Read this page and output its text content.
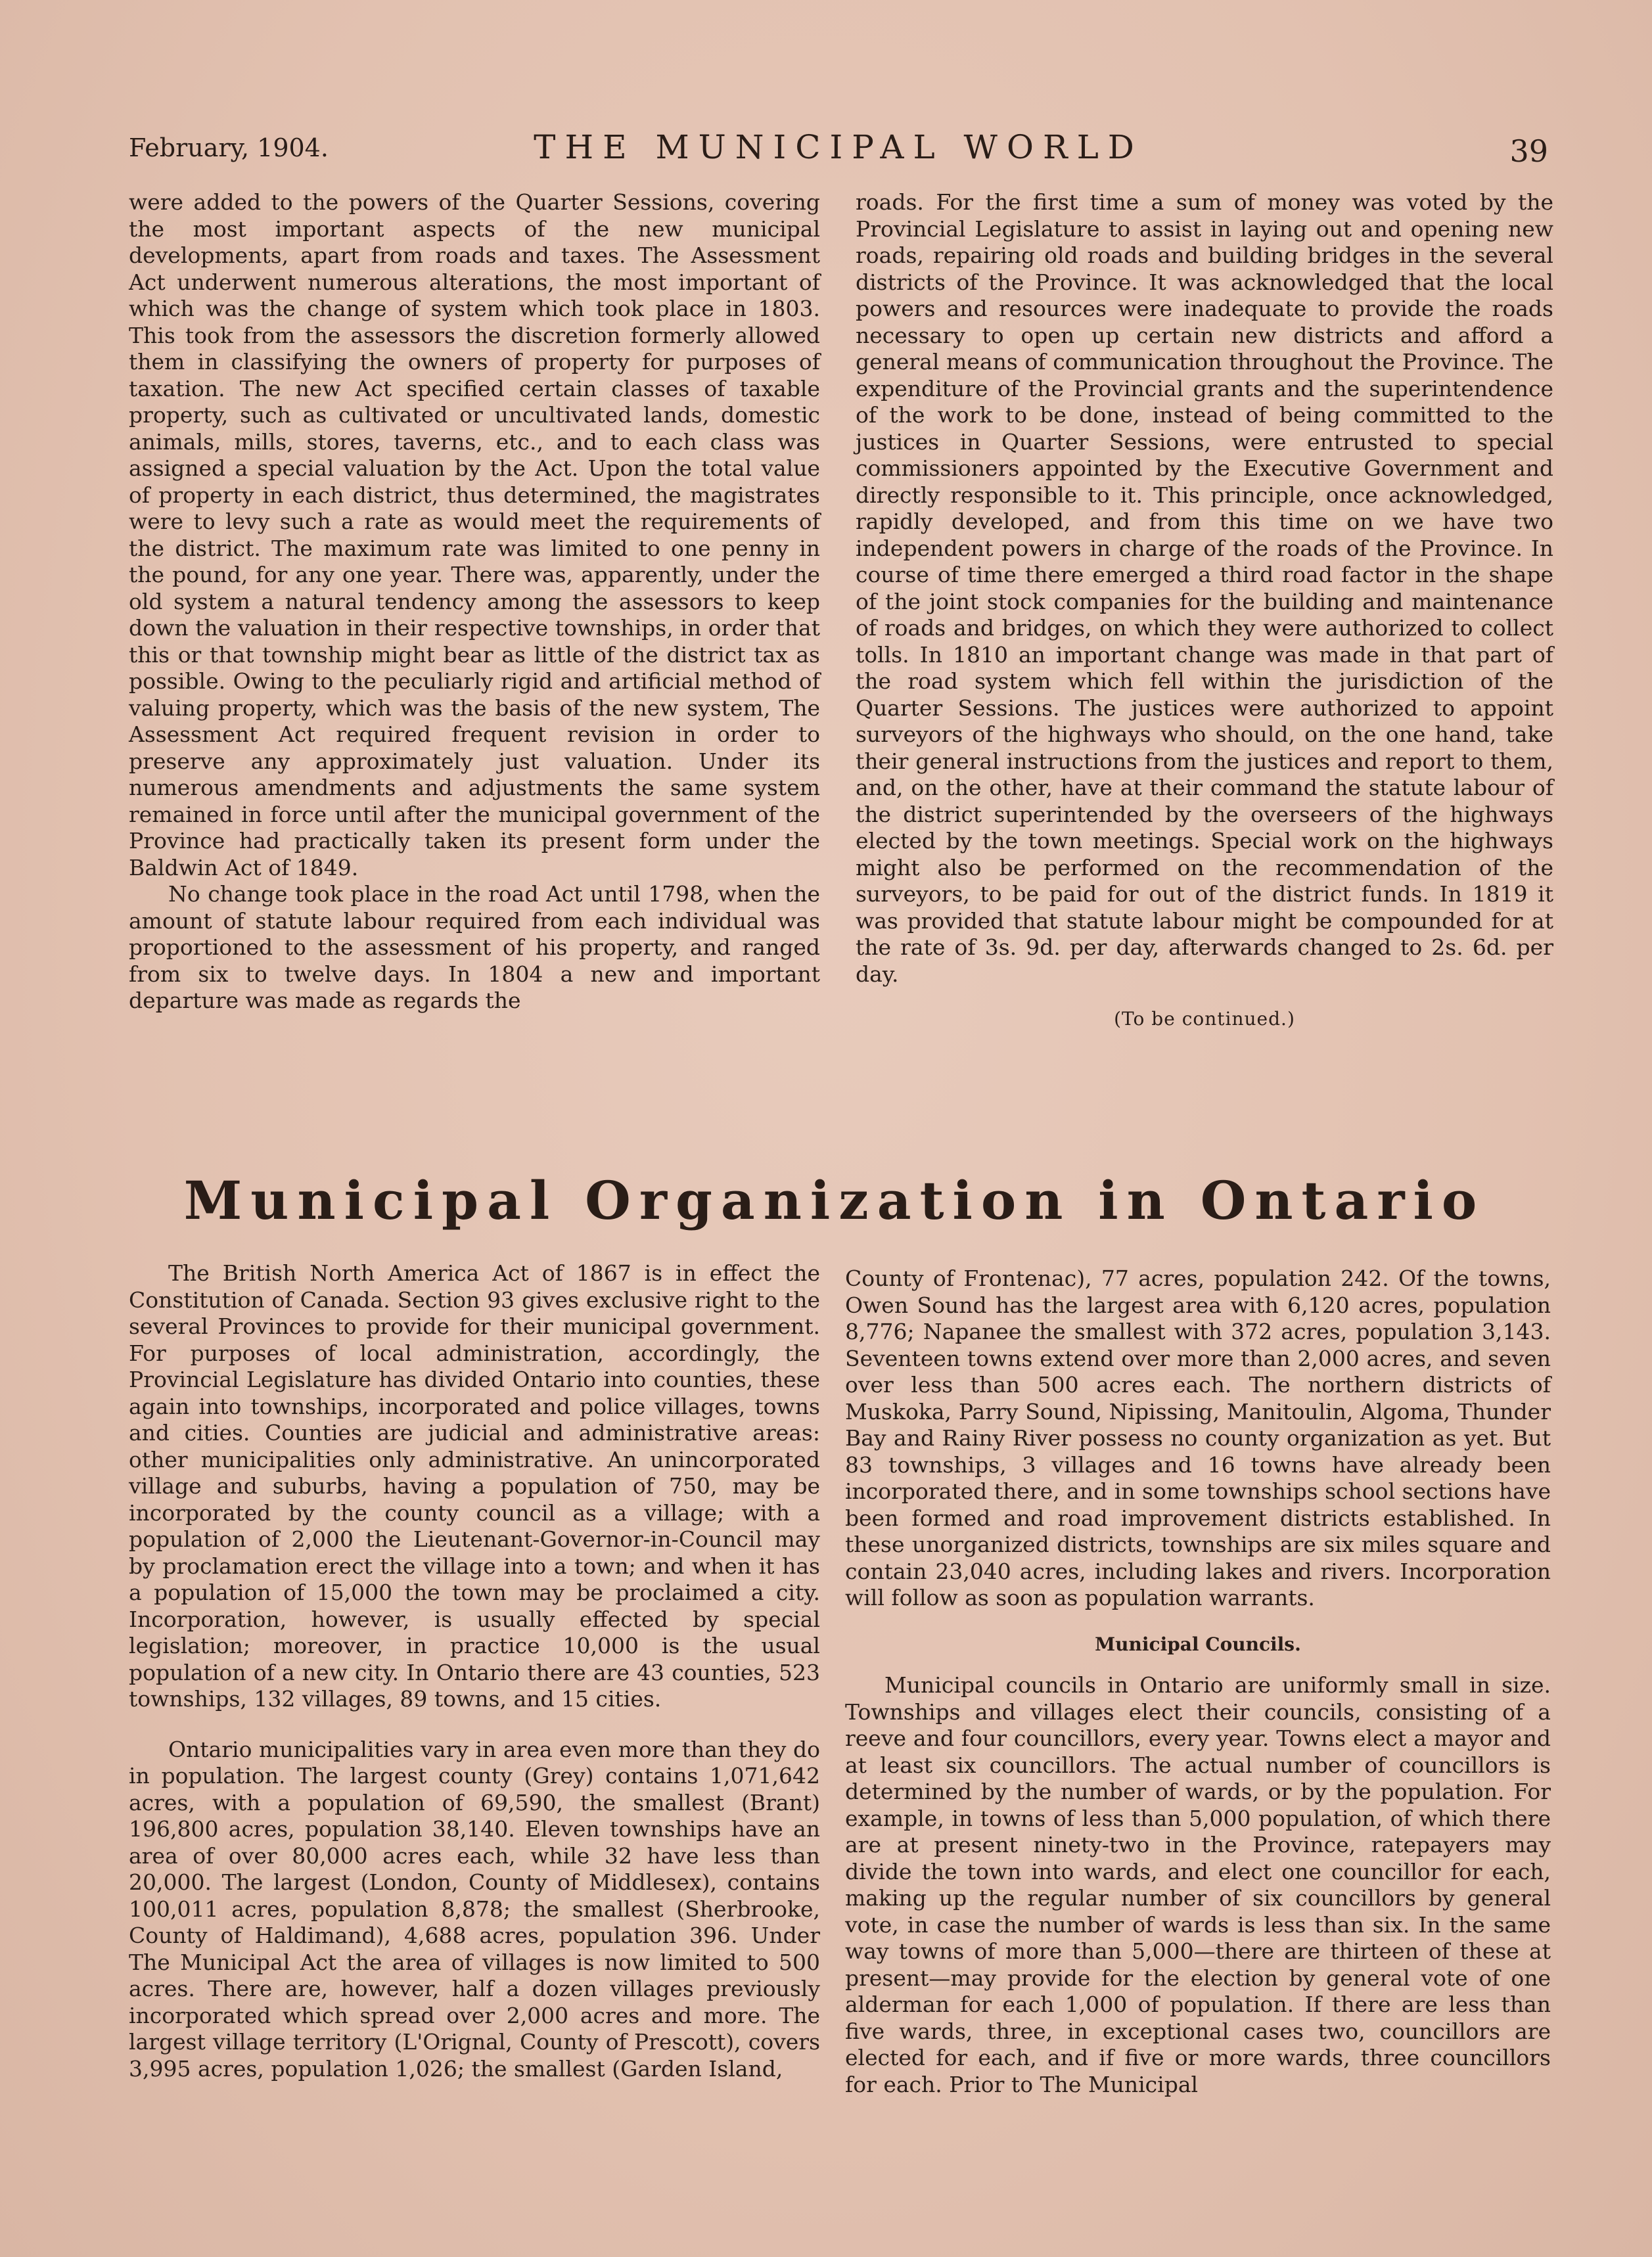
February, 1904.	THE MUNICIPAL WORLD	39

were added to the powers of the Quarter Sessions, covering the most important aspects of the new municipal developments, apart from roads and taxes. The Assessment Act underwent numerous alterations, the most important of which was the change of system which took place in 1803. This took from the assessors the discretion formerly allowed them in classifying the owners of property for purposes of taxation. The new Act specified certain classes of taxable property, such as cultivated or uncultivated lands, domestic animals, mills, stores, taverns, etc., and to each class was assigned a special valuation by the Act. Upon the total value of property in each district, thus determined, the magistrates were to levy such a rate as would meet the requirements of the district. The maximum rate was limited to one penny in the pound, for any one year. There was, apparently, under the old system a natural tendency among the assessors to keep down the valuation in their respective townships, in order that this or that township might bear as little of the district tax as possible. Owing to the peculiarly rigid and artificial method of valuing property, which was the basis of the new system, The Assessment Act required frequent revision in order to preserve any approximately just valuation. Under its numerous amendments and adjustments the same system remained in force until after the municipal government of the Province had practically taken its present form under the Baldwin Act of 1849.

No change took place in the road Act until 1798, when the amount of statute labour required from each individual was proportioned to the assessment of his property, and ranged from six to twelve days. In 1804 a new and important departure was made as regards the

roads. For the first time a sum of money was voted by the Provincial Legislature to assist in laying out and opening new roads, repairing old roads and building bridges in the several districts of the Province. It was acknowledged that the local powers and resources were inadequate to provide the roads necessary to open up certain new districts and afford a general means of communication throughout the Province. The expenditure of the Provincial grants and the superintendence of the work to be done, instead of being committed to the justices in Quarter Sessions, were entrusted to special commissioners appointed by the Executive Government and directly responsible to it. This principle, once acknowledged, rapidly developed, and from this time on we have two independent powers in charge of the roads of the Province. In course of time there emerged a third road factor in the shape of the joint stock companies for the building and maintenance of roads and bridges, on which they were authorized to collect tolls. In 1810 an important change was made in that part of the road system which fell within the jurisdiction of the Quarter Sessions. The justices were authorized to appoint surveyors of the highways who should, on the one hand, take their general instructions from the justices and report to them, and, on the other, have at their command the statute labour of the district superintended by the overseers of the highways elected by the town meetings. Special work on the highways might also be performed on the recommendation of the surveyors, to be paid for out of the district funds. In 1819 it was provided that statute labour might be compounded for at the rate of 3s. 9d. per day, afterwards changed to 2s. 6d. per day.

(To be continued.)
Municipal Organization in Ontario

The British North America Act of 1867 is in effect the Constitution of Canada. Section 93 gives exclusive right to the several Provinces to provide for their municipal government. For purposes of local administration, accordingly, the Provincial Legislature has divided Ontario into counties, these again into townships, incorporated and police villages, towns and cities. Counties are judicial and administrative areas: other municipalities only administrative. An unincorporated village and suburbs, having a population of 750, may be incorporated by the county council as a village; with a population of 2,000 the Lieutenant-Governor-in-Council may by proclamation erect the village into a town; and when it has a population of 15,000 the town may be proclaimed a city. Incorporation, however, is usually effected by special legislation; moreover, in practice 10,000 is the usual population of a new city. In Ontario there are 43 counties, 523 townships, 132 villages, 89 towns, and 15 cities.

Ontario municipalities vary in area even more than they do in population. The largest county (Grey) contains 1,071,642 acres, with a population of 69,590, the smallest (Brant) 196,800 acres, population 38,140. Eleven townships have an area of over 80,000 acres each, while 32 have less than 20,000. The largest (London, County of Middlesex), contains 100,011 acres, population 8,878; the smallest (Sherbrooke, County of Haldimand), 4,688 acres, population 396. Under The Municipal Act the area of villages is now limited to 500 acres. There are, however, half a dozen villages previously incorporated which spread over 2,000 acres and more. The largest village territory (L'Orignal, County of Prescott), covers 3,995 acres, population 1,026; the smallest (Garden Island,

County of Frontenac), 77 acres, population 242. Of the towns, Owen Sound has the largest area with 6,120 acres, population 8,776; Napanee the smallest with 372 acres, population 3,143. Seventeen towns extend over more than 2,000 acres, and seven over less than 500 acres each. The northern districts of Muskoka, Parry Sound, Nipissing, Manitoulin, Algoma, Thunder Bay and Rainy River possess no county organization as yet. But 83 townships, 3 villages and 16 towns have already been incorporated there, and in some townships school sections have been formed and road improvement districts established. In these unorganized districts, townships are six miles square and contain 23,040 acres, including lakes and rivers. Incorporation will follow as soon as population warrants.

Municipal Councils.

Municipal councils in Ontario are uniformly small in size. Townships and villages elect their councils, consisting of a reeve and four councillors, every year. Towns elect a mayor and at least six councillors. The actual number of councillors is determined by the number of wards, or by the population. For example, in towns of less than 5,000 population, of which there are at present ninety-two in the Province, ratepayers may divide the town into wards, and elect one councillor for each, making up the regular number of six councillors by general vote, in case the number of wards is less than six. In the same way towns of more than 5,000—there are thirteen of these at present—may provide for the election by general vote of one alderman for each 1,000 of population. If there are less than five wards, three, in exceptional cases two, councillors are elected for each, and if five or more wards, three councillors for each. Prior to The Municipal
